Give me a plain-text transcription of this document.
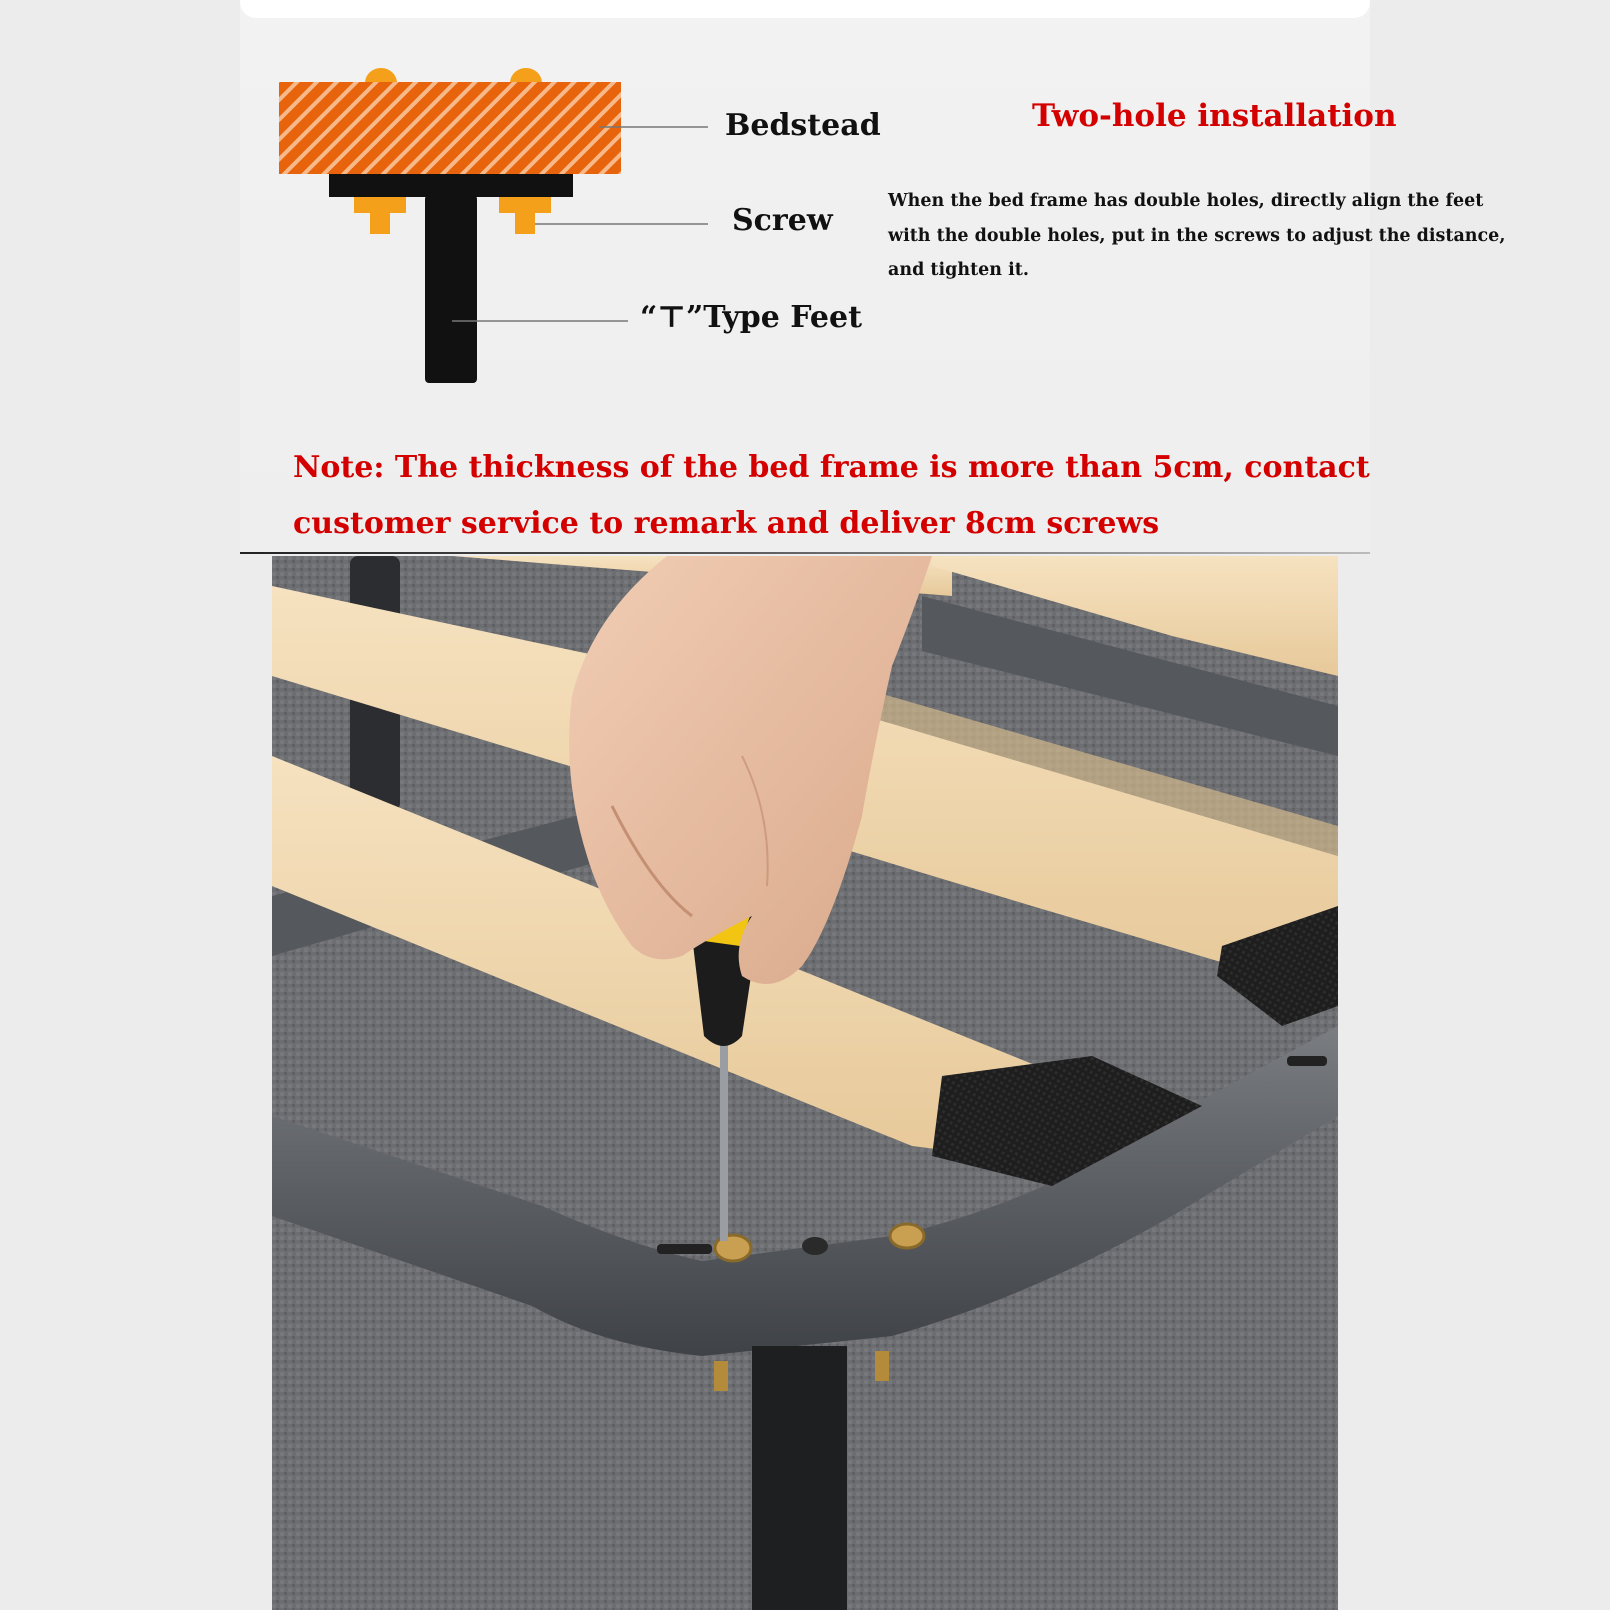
Bedstead
Screw
“⊤”Type Feet
Two-hole installation
When the bed frame has double holes, directly align the feet
with the double holes, put in the screws to adjust the distance,
and tighten it.
Note: The thickness of the bed frame is more than 5cm, contact
customer service to remark and deliver 8cm screws
